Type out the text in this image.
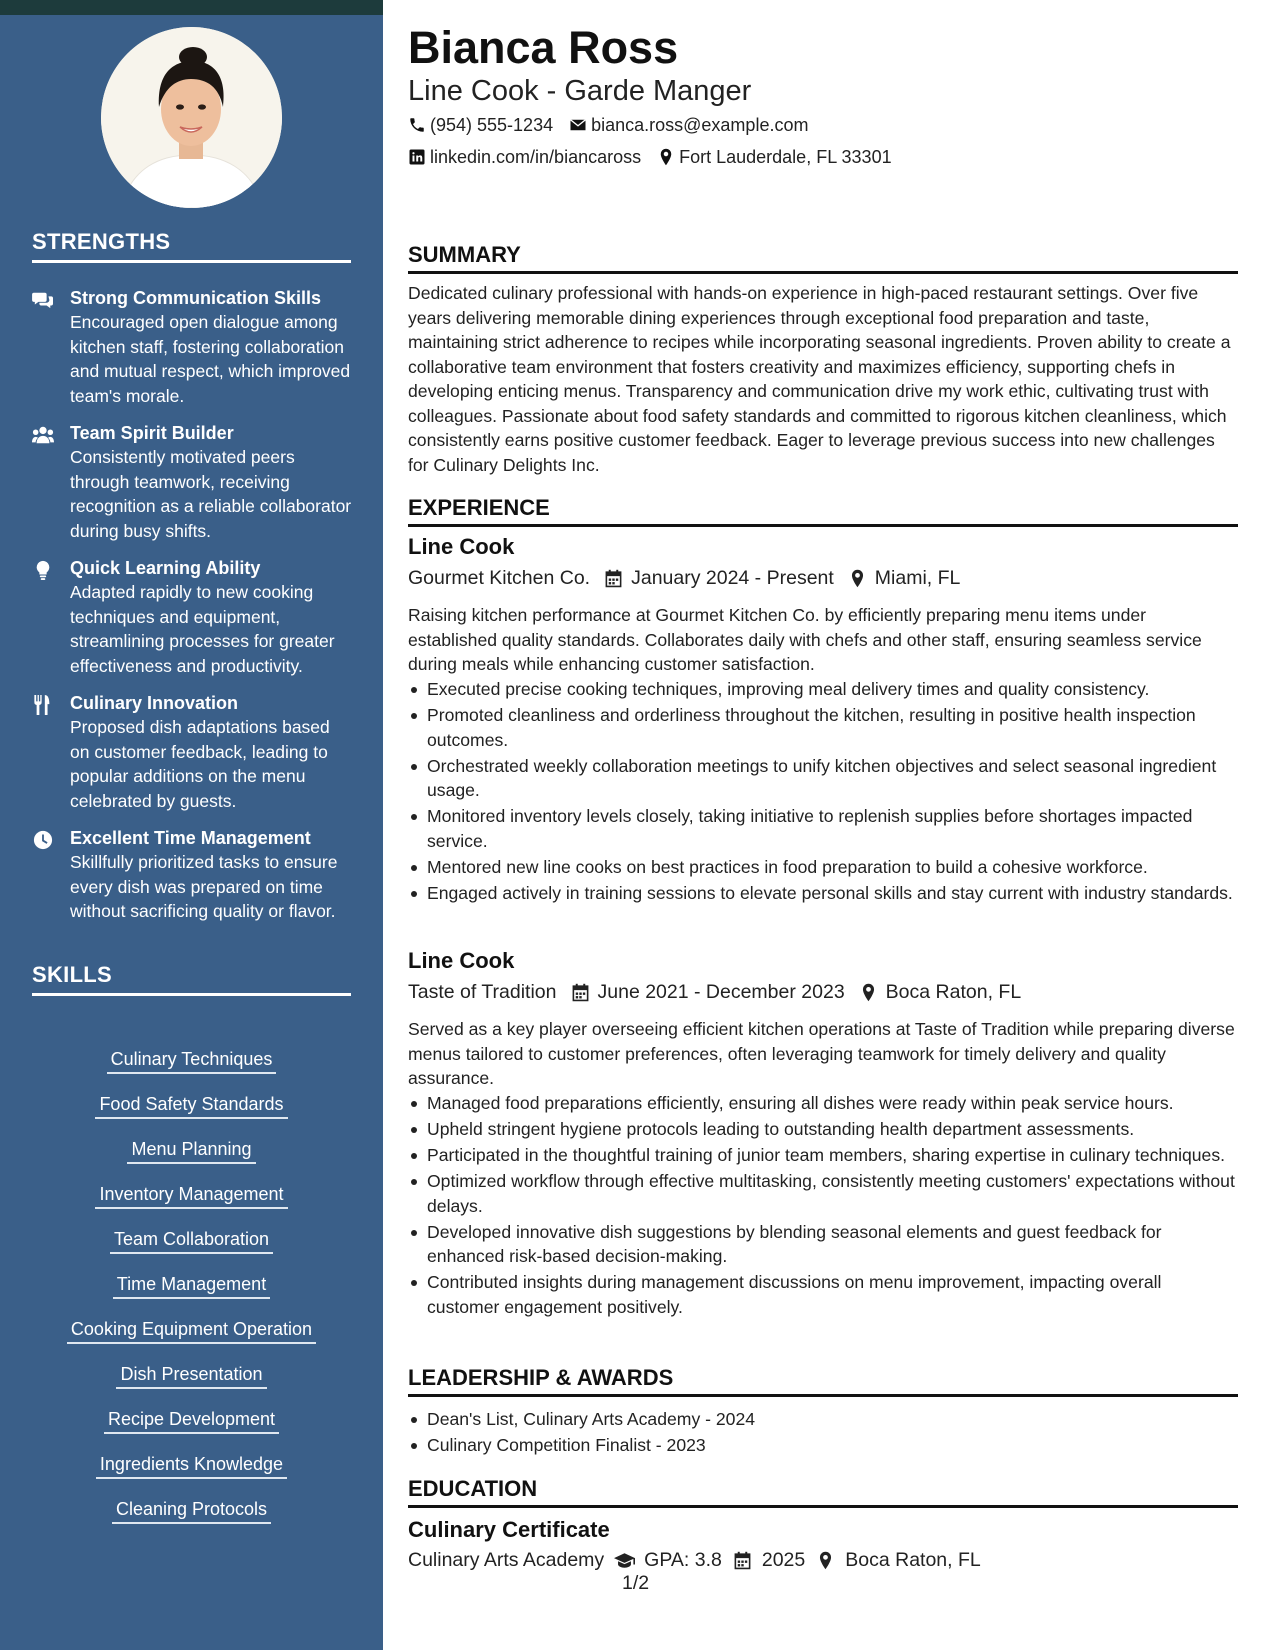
STRENGTHS
Strong Communication Skills
Encouraged open dialogue among kitchen staff, fostering collaboration and mutual respect, which improved team's morale.
Team Spirit Builder
Consistently motivated peers through teamwork, receiving recognition as a reliable collaborator during busy shifts.
Quick Learning Ability
Adapted rapidly to new cooking techniques and equipment, streamlining processes for greater effectiveness and productivity.
Culinary Innovation
Proposed dish adaptations based on customer feedback, leading to popular additions on the menu celebrated by guests.
Excellent Time Management
Skillfully prioritized tasks to ensure every dish was prepared on time without sacrificing quality or flavor.
SKILLS
Culinary Techniques
Food Safety Standards
Menu Planning
Inventory Management
Team Collaboration
Time Management
Cooking Equipment Operation
Dish Presentation
Recipe Development
Ingredients Knowledge
Cleaning Protocols
Bianca Ross
Line Cook - Garde Manger
(954) 555-1234 bianca.ross@example.com
linkedin.com/in/biancaross Fort Lauderdale, FL 33301
SUMMARY

Dedicated culinary professional with hands-on experience in high-paced restaurant settings. Over five years delivering memorable dining experiences through exceptional food preparation and taste, maintaining strict adherence to recipes while incorporating seasonal ingredients. Proven ability to create a collaborative team environment that fosters creativity and maximizes efficiency, supporting chefs in developing enticing menus. Transparency and communication drive my work ethic, cultivating trust with colleagues. Passionate about food safety standards and committed to rigorous kitchen cleanliness, which consistently earns positive customer feedback. Eager to leverage previous success into new challenges for Culinary Delights Inc.

EXPERIENCE
Line Cook
Gourmet Kitchen Co. January 2024 - Present Miami, FL

Raising kitchen performance at Gourmet Kitchen Co. by efficiently preparing menu items under established quality standards. Collaborates daily with chefs and other staff, ensuring seamless service during meals while enhancing customer satisfaction.

Executed precise cooking techniques, improving meal delivery times and quality consistency.
Promoted cleanliness and orderliness throughout the kitchen, resulting in positive health inspection outcomes.
Orchestrated weekly collaboration meetings to unify kitchen objectives and select seasonal ingredient usage.
Monitored inventory levels closely, taking initiative to replenish supplies before shortages impacted service.
Mentored new line cooks on best practices in food preparation to build a cohesive workforce.
Engaged actively in training sessions to elevate personal skills and stay current with industry standards.
Line Cook
Taste of Tradition June 2021 - December 2023 Boca Raton, FL

Served as a key player overseeing efficient kitchen operations at Taste of Tradition while preparing diverse menus tailored to customer preferences, often leveraging teamwork for timely delivery and quality assurance.

Managed food preparations efficiently, ensuring all dishes were ready within peak service hours.
Upheld stringent hygiene protocols leading to outstanding health department assessments.
Participated in the thoughtful training of junior team members, sharing expertise in culinary techniques.
Optimized workflow through effective multitasking, consistently meeting customers' expectations without delays.
Developed innovative dish suggestions by blending seasonal elements and guest feedback for enhanced risk-based decision-making.
Contributed insights during management discussions on menu improvement, impacting overall customer engagement positively.
LEADERSHIP & AWARDS
Dean's List, Culinary Arts Academy - 2024
Culinary Competition Finalist - 2023
EDUCATION
Culinary Certificate
Culinary Arts Academy GPA: 3.8 2025 Boca Raton, FL
1/2
